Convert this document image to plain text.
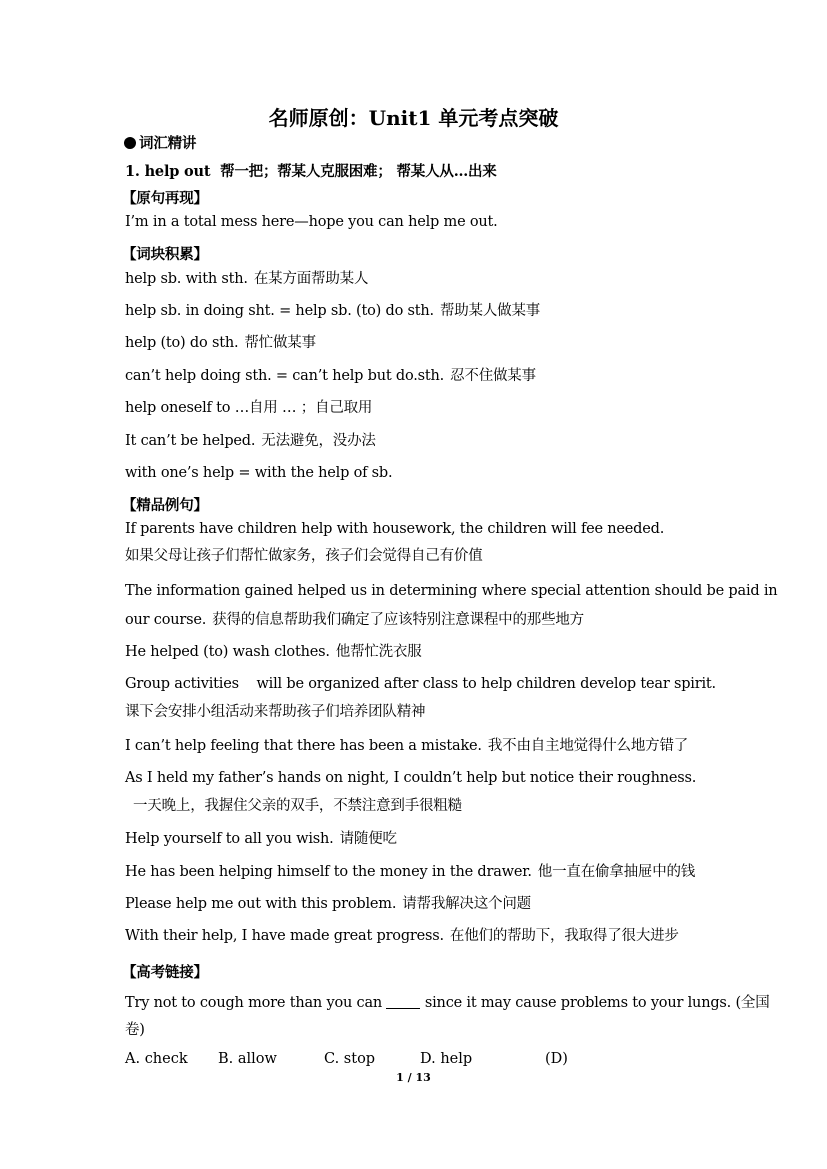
名师原创：Unit1 单元考点突破
词汇精讲
1. help out 帮一把；帮某人克服困难； 帮某人从…出来
【原句再现】
I’m in a total mess here—hope you can help me out.
【词块积累】
help sb. with sth. 在某方面帮助某人
help sb. in doing sht. = help sb. (to) do sth. 帮助某人做某事
help (to) do sth. 帮忙做某事
can’t help doing sth. = can’t help but do.sth. 忍不住做某事
help oneself to …自用 … ；自己取用
It can’t be helped. 无法避免，没办法
with one’s help = with the help of sb.
【精品例句】
If parents have children help with housework, the children will fee needed.
如果父母让孩子们帮忙做家务，孩子们会觉得自己有价值
The information gained helped us in determining where special attention should be paid in
our course. 获得的信息帮助我们确定了应该特别注意课程中的那些地方
He helped (to) wash clothes. 他帮忙洗衣服
Group activities    will be organized after class to help children develop tear spirit.
课下会安排小组活动来帮助孩子们培养团队精神
I can’t help feeling that there has been a mistake. 我不由自主地觉得什么地方错了
As I held my father’s hands on night, I couldn’t help but notice their roughness.
一天晚上，我握住父亲的双手，不禁注意到手很粗糙
Help yourself to all you wish. 请随便吃
He has been helping himself to the money in the drawer. 他一直在偷拿抽屉中的钱
Please help me out with this problem. 请帮我解决这个问题
With their help, I have made great progress. 在他们的帮助下，我取得了很大进步
【高考链接】
Try not to cough more than you can	since it may cause problems to your lungs. (全国
卷)
A. check B. allow	C. stop	D. help	(D)
1 / 13
